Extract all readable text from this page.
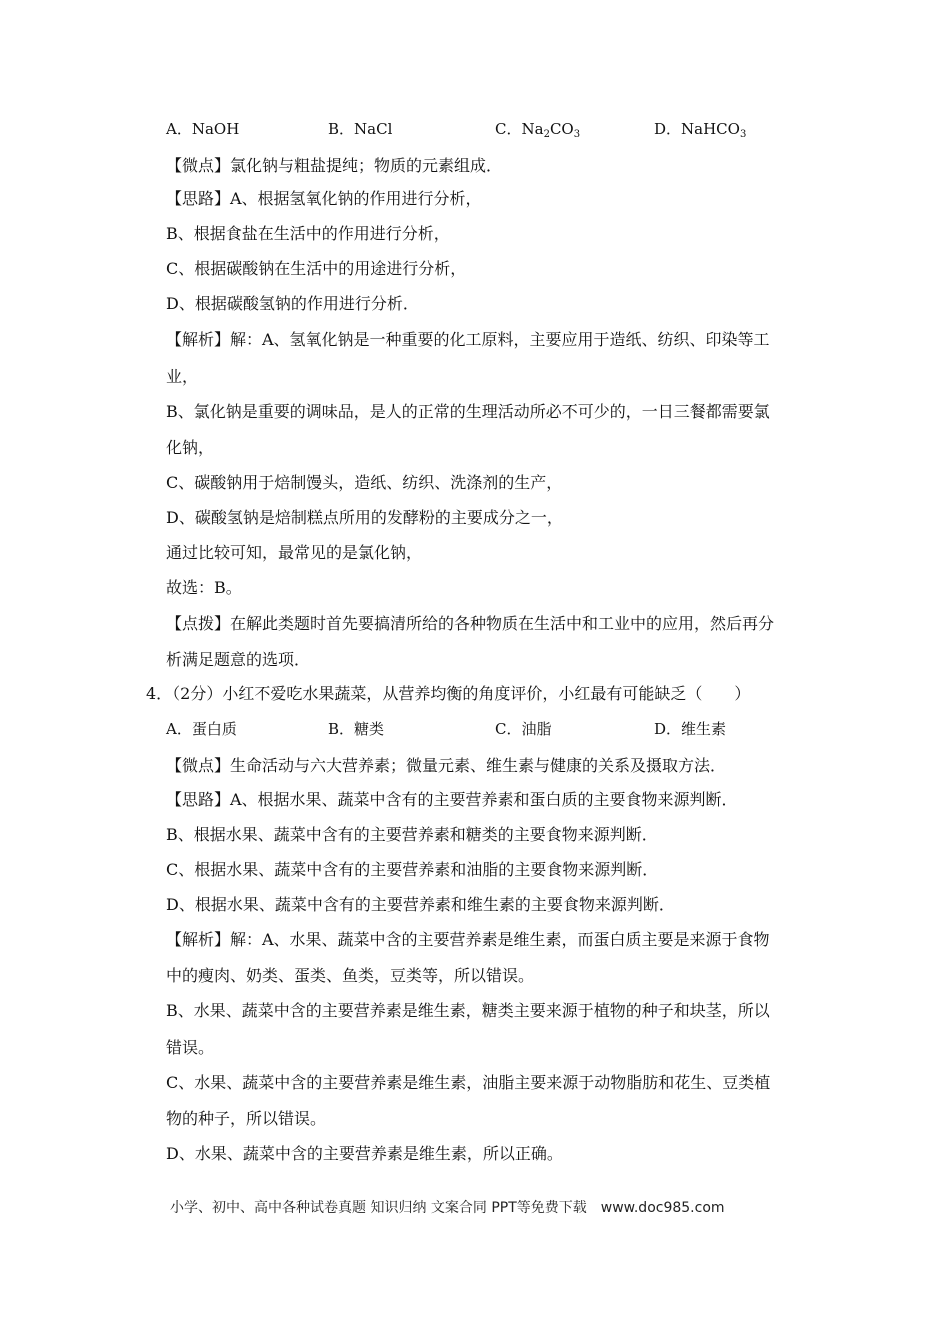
A．NaOH	B．NaCl	C．$Na_2CO_3$	D．NaHCO$_3$
【微点】氯化钠与粗盐提纯；物质的元素组成．
【思路】A、根据氢氧化钠的作用进行分析，
B、根据食盐在生活中的作用进行分析，
C、根据碳酸钠在生活中的用途进行分析，
D、根据碳酸氢钠的作用进行分析．
【解析】解：A、氢氧化钠是一种重要的化工原料，主要应用于造纸、纺织、印染等工
业，
B、氯化钠是重要的调味品，是人的正常的生理活动所必不可少的，一日三餐都需要氯
化钠，
C、碳酸钠用于焙制馒头，造纸、纺织、洗涤剂的生产，
D、碳酸氢钠是焙制糕点所用的发酵粉的主要成分之一，
通过比较可知，最常见的是氯化钠，
故选：B。
【点拨】在解此类题时首先要搞清所给的各种物质在生活中和工业中的应用，然后再分
析满足题意的选项．
4．（2分）小红不爱吃水果蔬菜，从营养均衡的角度评价，小红最有可能缺乏（　　）
A．蛋白质	B．糖类	C．油脂	D．维生素
【微点】生命活动与六大营养素；微量元素、维生素与健康的关系及摄取方法．
【思路】A、根据水果、蔬菜中含有的主要营养素和蛋白质的主要食物来源判断．
B、根据水果、蔬菜中含有的主要营养素和糖类的主要食物来源判断．
C、根据水果、蔬菜中含有的主要营养素和油脂的主要食物来源判断．
D、根据水果、蔬菜中含有的主要营养素和维生素的主要食物来源判断．
【解析】解：A、水果、蔬菜中含的主要营养素是维生素，而蛋白质主要是来源于食物
中的瘦肉、奶类、蛋类、鱼类，豆类等，所以错误。
B、水果、蔬菜中含的主要营养素是维生素，糖类主要来源于植物的种子和块茎，所以
错误。
C、水果、蔬菜中含的主要营养素是维生素，油脂主要来源于动物脂肪和花生、豆类植
物的种子，所以错误。
D、水果、蔬菜中含的主要营养素是维生素，所以正确。
小学、初中、高中各种试卷真题 知识归纳 文案合同 PPT等免费下载　www.doc985.com
